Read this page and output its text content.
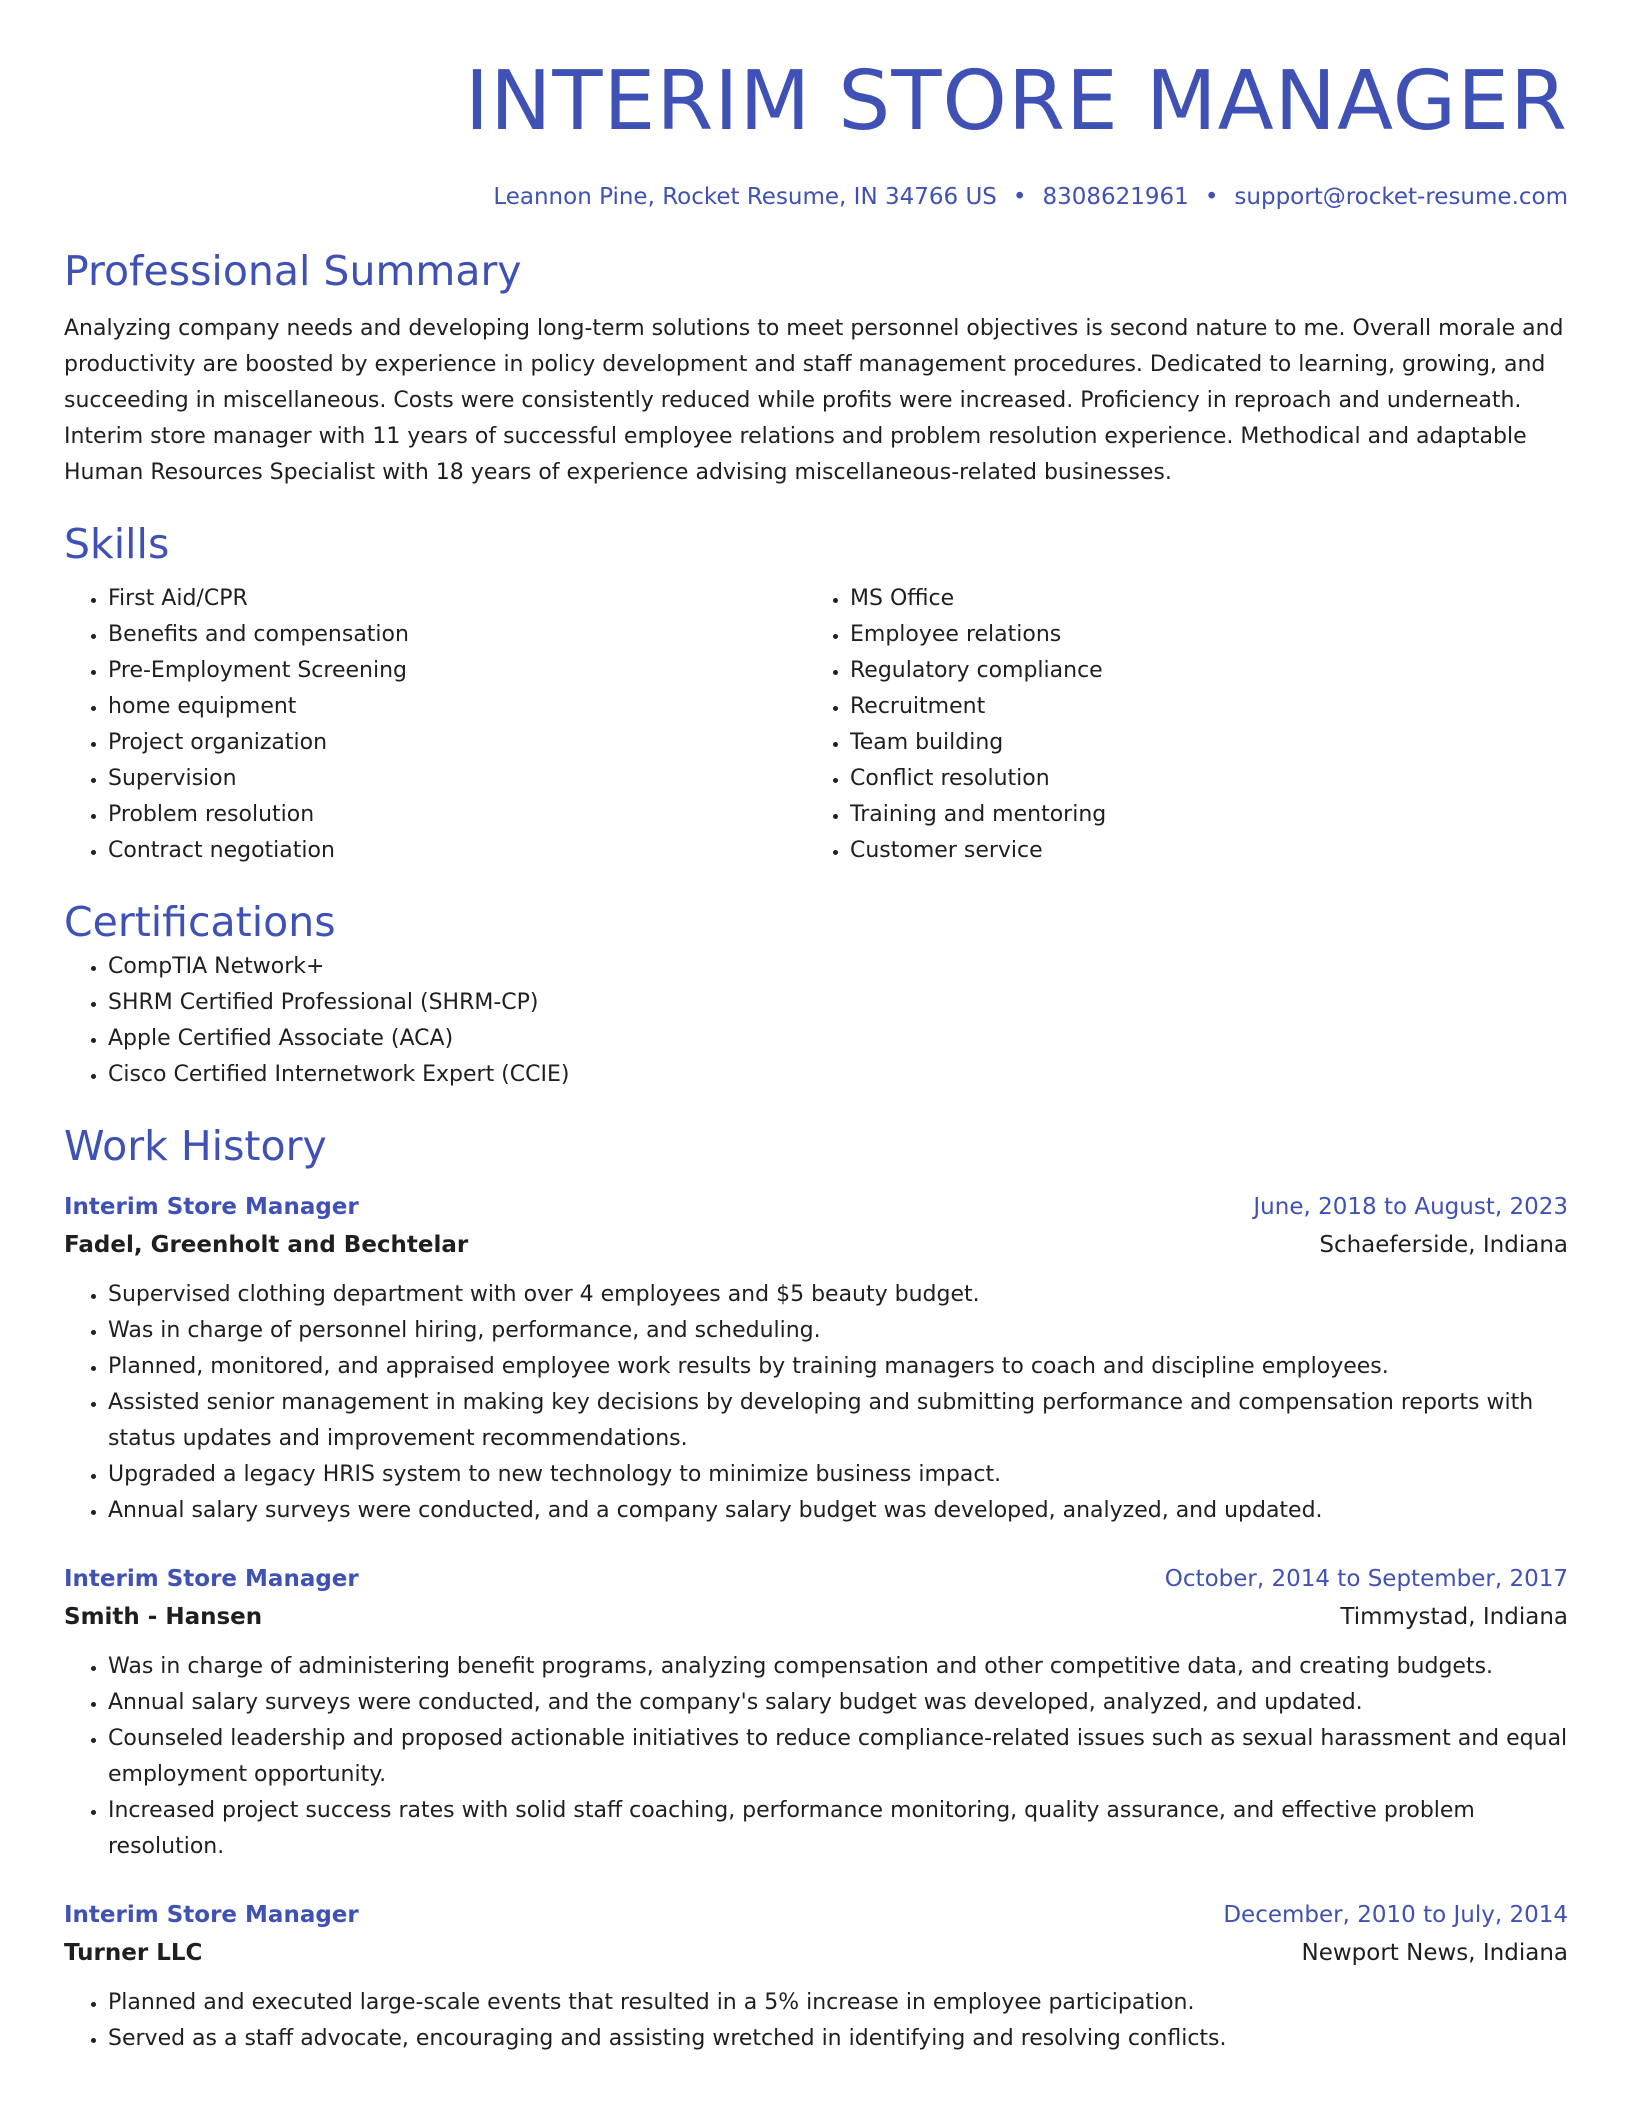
INTERIM STORE MANAGER
Leannon Pine, Rocket Resume, IN 34766 US • 8308621961 • support@rocket-resume.com
Professional Summary

Analyzing company needs and developing long-term solutions to meet personnel objectives is second nature to me. Overall morale and productivity are boosted by experience in policy development and staff management procedures. Dedicated to learning, growing, and succeeding in miscellaneous. Costs were consistently reduced while profits were increased. Proficiency in reproach and underneath. Interim store manager with 11 years of successful employee relations and problem resolution experience. Methodical and adaptable Human Resources Specialist with 18 years of experience advising miscellaneous-related businesses.

Skills
• First Aid/CPR
• Benefits and compensation
• Pre-Employment Screening
• home equipment
• Project organization
• Supervision
• Problem resolution
• Contract negotiation
• MS Office
• Employee relations
• Regulatory compliance
• Recruitment
• Team building
• Conflict resolution
• Training and mentoring
• Customer service
Certifications
• CompTIA Network+
• SHRM Certified Professional (SHRM-CP)
• Apple Certified Associate (ACA)
• Cisco Certified Internetwork Expert (CCIE)
Work History
Interim Store Manager	June, 2018 to August, 2023
Fadel, Greenholt and Bechtelar	Schaeferside, Indiana
• Supervised clothing department with over 4 employees and $5 beauty budget.
• Was in charge of personnel hiring, performance, and scheduling.
• Planned, monitored, and appraised employee work results by training managers to coach and discipline employees.
• Assisted senior management in making key decisions by developing and submitting performance and compensation reports with status updates and improvement recommendations.
• Upgraded a legacy HRIS system to new technology to minimize business impact.
• Annual salary surveys were conducted, and a company salary budget was developed, analyzed, and updated.
Interim Store Manager	October, 2014 to September, 2017
Smith - Hansen	Timmystad, Indiana
• Was in charge of administering benefit programs, analyzing compensation and other competitive data, and creating budgets.
• Annual salary surveys were conducted, and the company's salary budget was developed, analyzed, and updated.
• Counseled leadership and proposed actionable initiatives to reduce compliance-related issues such as sexual harassment and equal employment opportunity.
• Increased project success rates with solid staff coaching, performance monitoring, quality assurance, and effective problem resolution.
Interim Store Manager	December, 2010 to July, 2014
Turner LLC	Newport News, Indiana
• Planned and executed large-scale events that resulted in a 5% increase in employee participation.
• Served as a staff advocate, encouraging and assisting wretched in identifying and resolving conflicts.
